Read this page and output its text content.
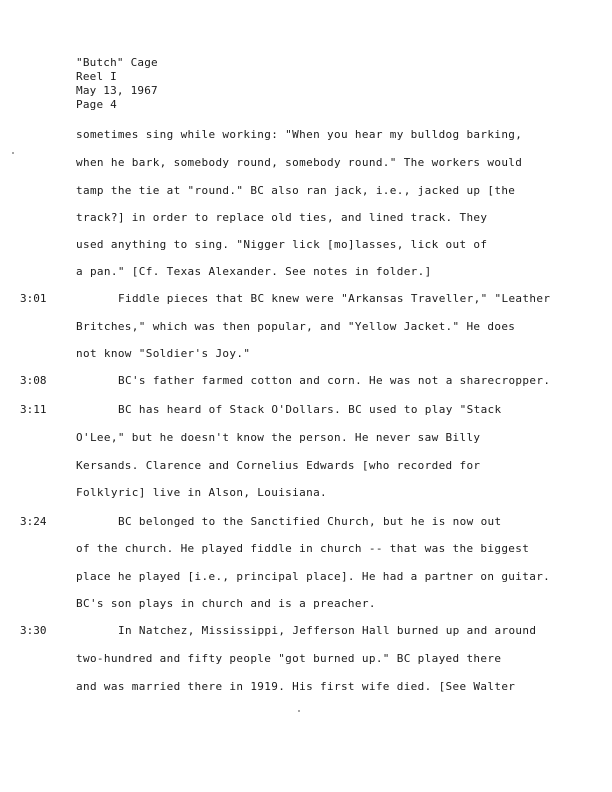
"Butch" Cage
Reel I
May 13, 1967
Page 4
3:01
3:08
3:11
3:24
3:30
sometimes sing while working: "When you hear my bulldog barking,
when he bark, somebody round, somebody round." The workers would
tamp the tie at "round." BC also ran jack, i.e., jacked up [the
track?] in order to replace old ties, and lined track. They
used anything to sing. "Nigger lick [mo]lasses, lick out of
a pan." [Cf. Texas Alexander. See notes in folder.]
Fiddle pieces that BC knew were "Arkansas Traveller," "Leather
Britches," which was then popular, and "Yellow Jacket." He does
not know "Soldier's Joy."
BC's father farmed cotton and corn. He was not a sharecropper.
BC has heard of Stack O'Dollars. BC used to play "Stack
O'Lee," but he doesn't know the person. He never saw Billy
Kersands. Clarence and Cornelius Edwards [who recorded for
Folklyric] live in Alson, Louisiana.
BC belonged to the Sanctified Church, but he is now out
of the church. He played fiddle in church -- that was the biggest
place he played [i.e., principal place]. He had a partner on guitar.
BC's son plays in church and is a preacher.
In Natchez, Mississippi, Jefferson Hall burned up and around
two-hundred and fifty people "got burned up." BC played there
and was married there in 1919. His first wife died. [See Walter
